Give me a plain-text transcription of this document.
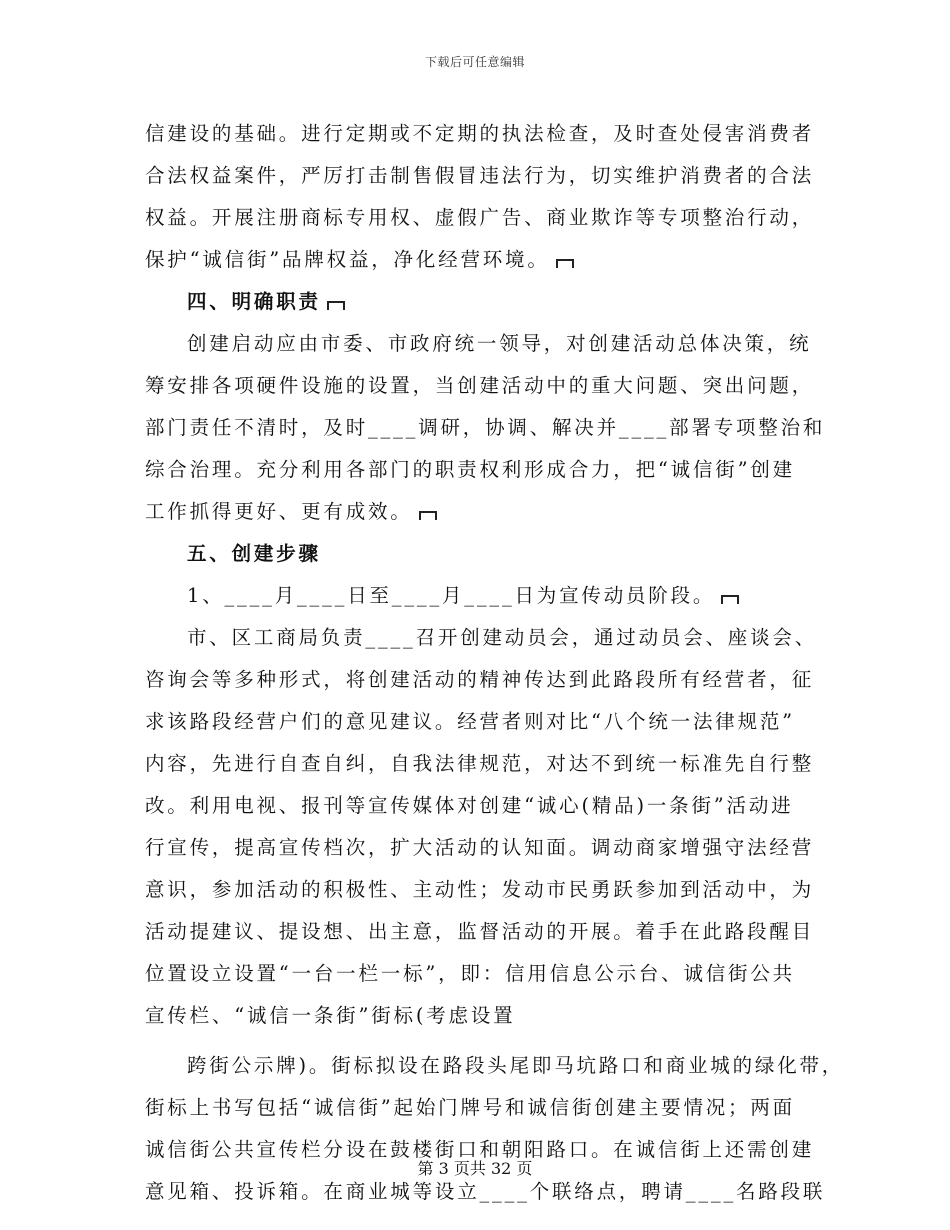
下载后可任意编辑
信建设的基础。进行定期或不定期的执法检查，及时查处侵害消费者
合法权益案件，严厉打击制售假冒违法行为，切实维护消费者的合法
权益。开展注册商标专用权、虚假广告、商业欺诈等专项整治行动，
保护“诚信街”品牌权益，净化经营环境。
四、明确职责
创建启动应由市委、市政府统一领导，对创建活动总体决策，统
筹安排各项硬件设施的设置，当创建活动中的重大问题、突出问题，
部门责任不清时，及时____调研，协调、解决并____部署专项整治和
综合治理。充分利用各部门的职责权利形成合力，把“诚信街”创建
工作抓得更好、更有成效。
五、创建步骤
1、____月____日至____月____日为宣传动员阶段。
市、区工商局负责____召开创建动员会，通过动员会、座谈会、
咨询会等多种形式，将创建活动的精神传达到此路段所有经营者，征
求该路段经营户们的意见建议。经营者则对比“八个统一法律规范”
内容，先进行自查自纠，自我法律规范，对达不到统一标准先自行整
改。利用电视、报刊等宣传媒体对创建“诚心(精品)一条街”活动进
行宣传，提高宣传档次，扩大活动的认知面。调动商家增强守法经营
意识，参加活动的积极性、主动性；发动市民勇跃参加到活动中，为
活动提建议、提设想、出主意，监督活动的开展。着手在此路段醒目
位置设立设置“一台一栏一标”，即：信用信息公示台、诚信街公共
宣传栏、“诚信一条街”街标(考虑设置
跨街公示牌)。街标拟设在路段头尾即马坑路口和商业城的绿化带，
街标上书写包括“诚信街”起始门牌号和诚信街创建主要情况；两面
诚信街公共宣传栏分设在鼓楼街口和朝阳路口。在诚信街上还需创建
意见箱、投诉箱。在商业城等设立____个联络点，聘请____名路段联
第 3 页共 32 页
